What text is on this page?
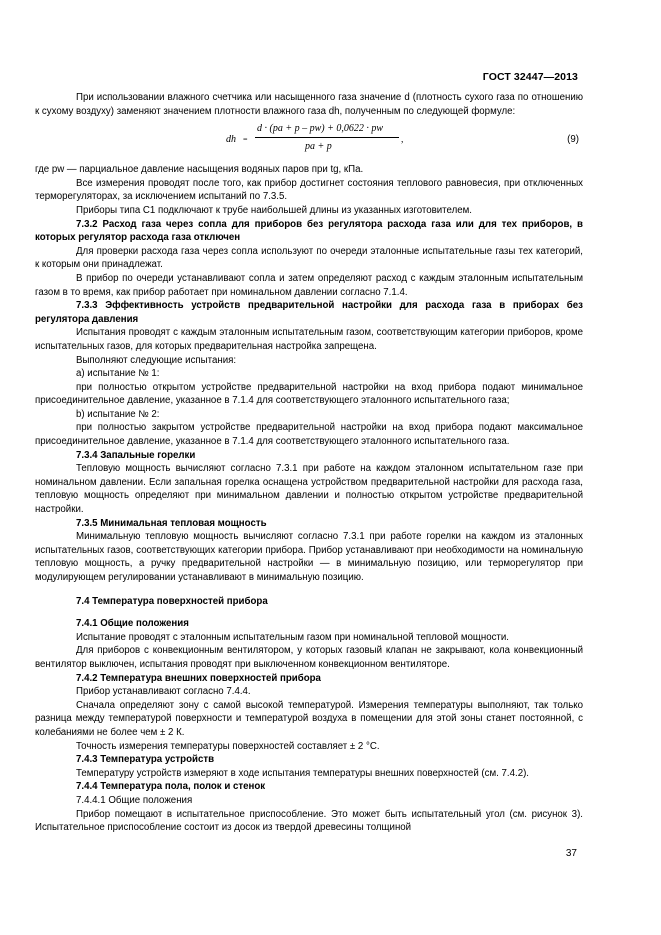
ГОСТ 32447—2013

При использовании влажного счетчика или насыщенного газа значение d (плотность сухого газа по отношению к сухому воздуху) заменяют значением плотности влажного газа dh, полученным по следующей формуле:

dh =
d · (pa + p – pw) + 0,0622 · pw
pa + p
,	(9)

где pw — парциальное давление насыщения водяных паров при tg, кПа.

Все измерения проводят после того, как прибор достигнет состояния теплового равновесия, при отключенных терморегуляторах, за исключением испытаний по 7.3.5.

Приборы типа C1 подключают к трубе наибольшей длины из указанных изготовителем.

7.3.2 Расход газа через сопла для приборов без регулятора расхода газа или для тех приборов, в которых регулятор расхода газа отключен

Для проверки расхода газа через сопла используют по очереди эталонные испытательные газы тех категорий, к которым они принадлежат.

В прибор по очереди устанавливают сопла и затем определяют расход с каждым эталонным испытательным газом в то время, как прибор работает при номинальном давлении согласно 7.1.4.

7.3.3 Эффективность устройств предварительной настройки для расхода газа в приборах без регулятора давления

Испытания проводят с каждым эталонным испытательным газом, соответствующим категории приборов, кроме испытательных газов, для которых предварительная настройка запрещена.

Выполняют следующие испытания:

a) испытание № 1:

при полностью открытом устройстве предварительной настройки на вход прибора подают минимальное присоединительное давление, указанное в 7.1.4 для соответствующего эталонного испытательного газа;

b) испытание № 2:

при полностью закрытом устройстве предварительной настройки на вход прибора подают максимальное присоединительное давление, указанное в 7.1.4 для соответствующего эталонного испытательного газа.

7.3.4 Запальные горелки

Тепловую мощность вычисляют согласно 7.3.1 при работе на каждом эталонном испытательном газе при номинальном давлении. Если запальная горелка оснащена устройством предварительной настройки для расхода газа, тепловую мощность определяют при минимальном давлении и полностью открытом устройстве предварительной настройки.

7.3.5 Минимальная тепловая мощность

Минимальную тепловую мощность вычисляют согласно 7.3.1 при работе горелки на каждом из эталонных испытательных газов, соответствующих категории прибора. Прибор устанавливают при необходимости на номинальную тепловую мощность, а ручку предварительной настройки — в минимальную позицию, или терморегулятор при модулирующем регулировании устанавливают в минимальную позицию.

7.4 Температура поверхностей прибора

7.4.1 Общие положения

Испытание проводят с эталонным испытательным газом при номинальной тепловой мощности.

Для приборов с конвекционным вентилятором, у которых газовый клапан не закрывают, кола конвекционный вентилятор выключен, испытания проводят при выключенном конвекционном вентиляторе.

7.4.2 Температура внешних поверхностей прибора

Прибор устанавливают согласно 7.4.4.

Сначала определяют зону с самой высокой температурой. Измерения температуры выполняют, так только разница между температурой поверхности и температурой воздуха в помещении для этой зоны станет постоянной, с колебаниями не более чем ± 2 К.

Точность измерения температуры поверхностей составляет ± 2 °С.

7.4.3 Температура устройств

Температуру устройств измеряют в ходе испытания температуры внешних поверхностей (см. 7.4.2).

7.4.4 Температура пола, полок и стенок

7.4.4.1 Общие положения

Прибор помещают в испытательное приспособление. Это может быть испытательный угол (см. рисунок 3). Испытательное приспособление состоит из досок из твердой древесины толщиной

37
